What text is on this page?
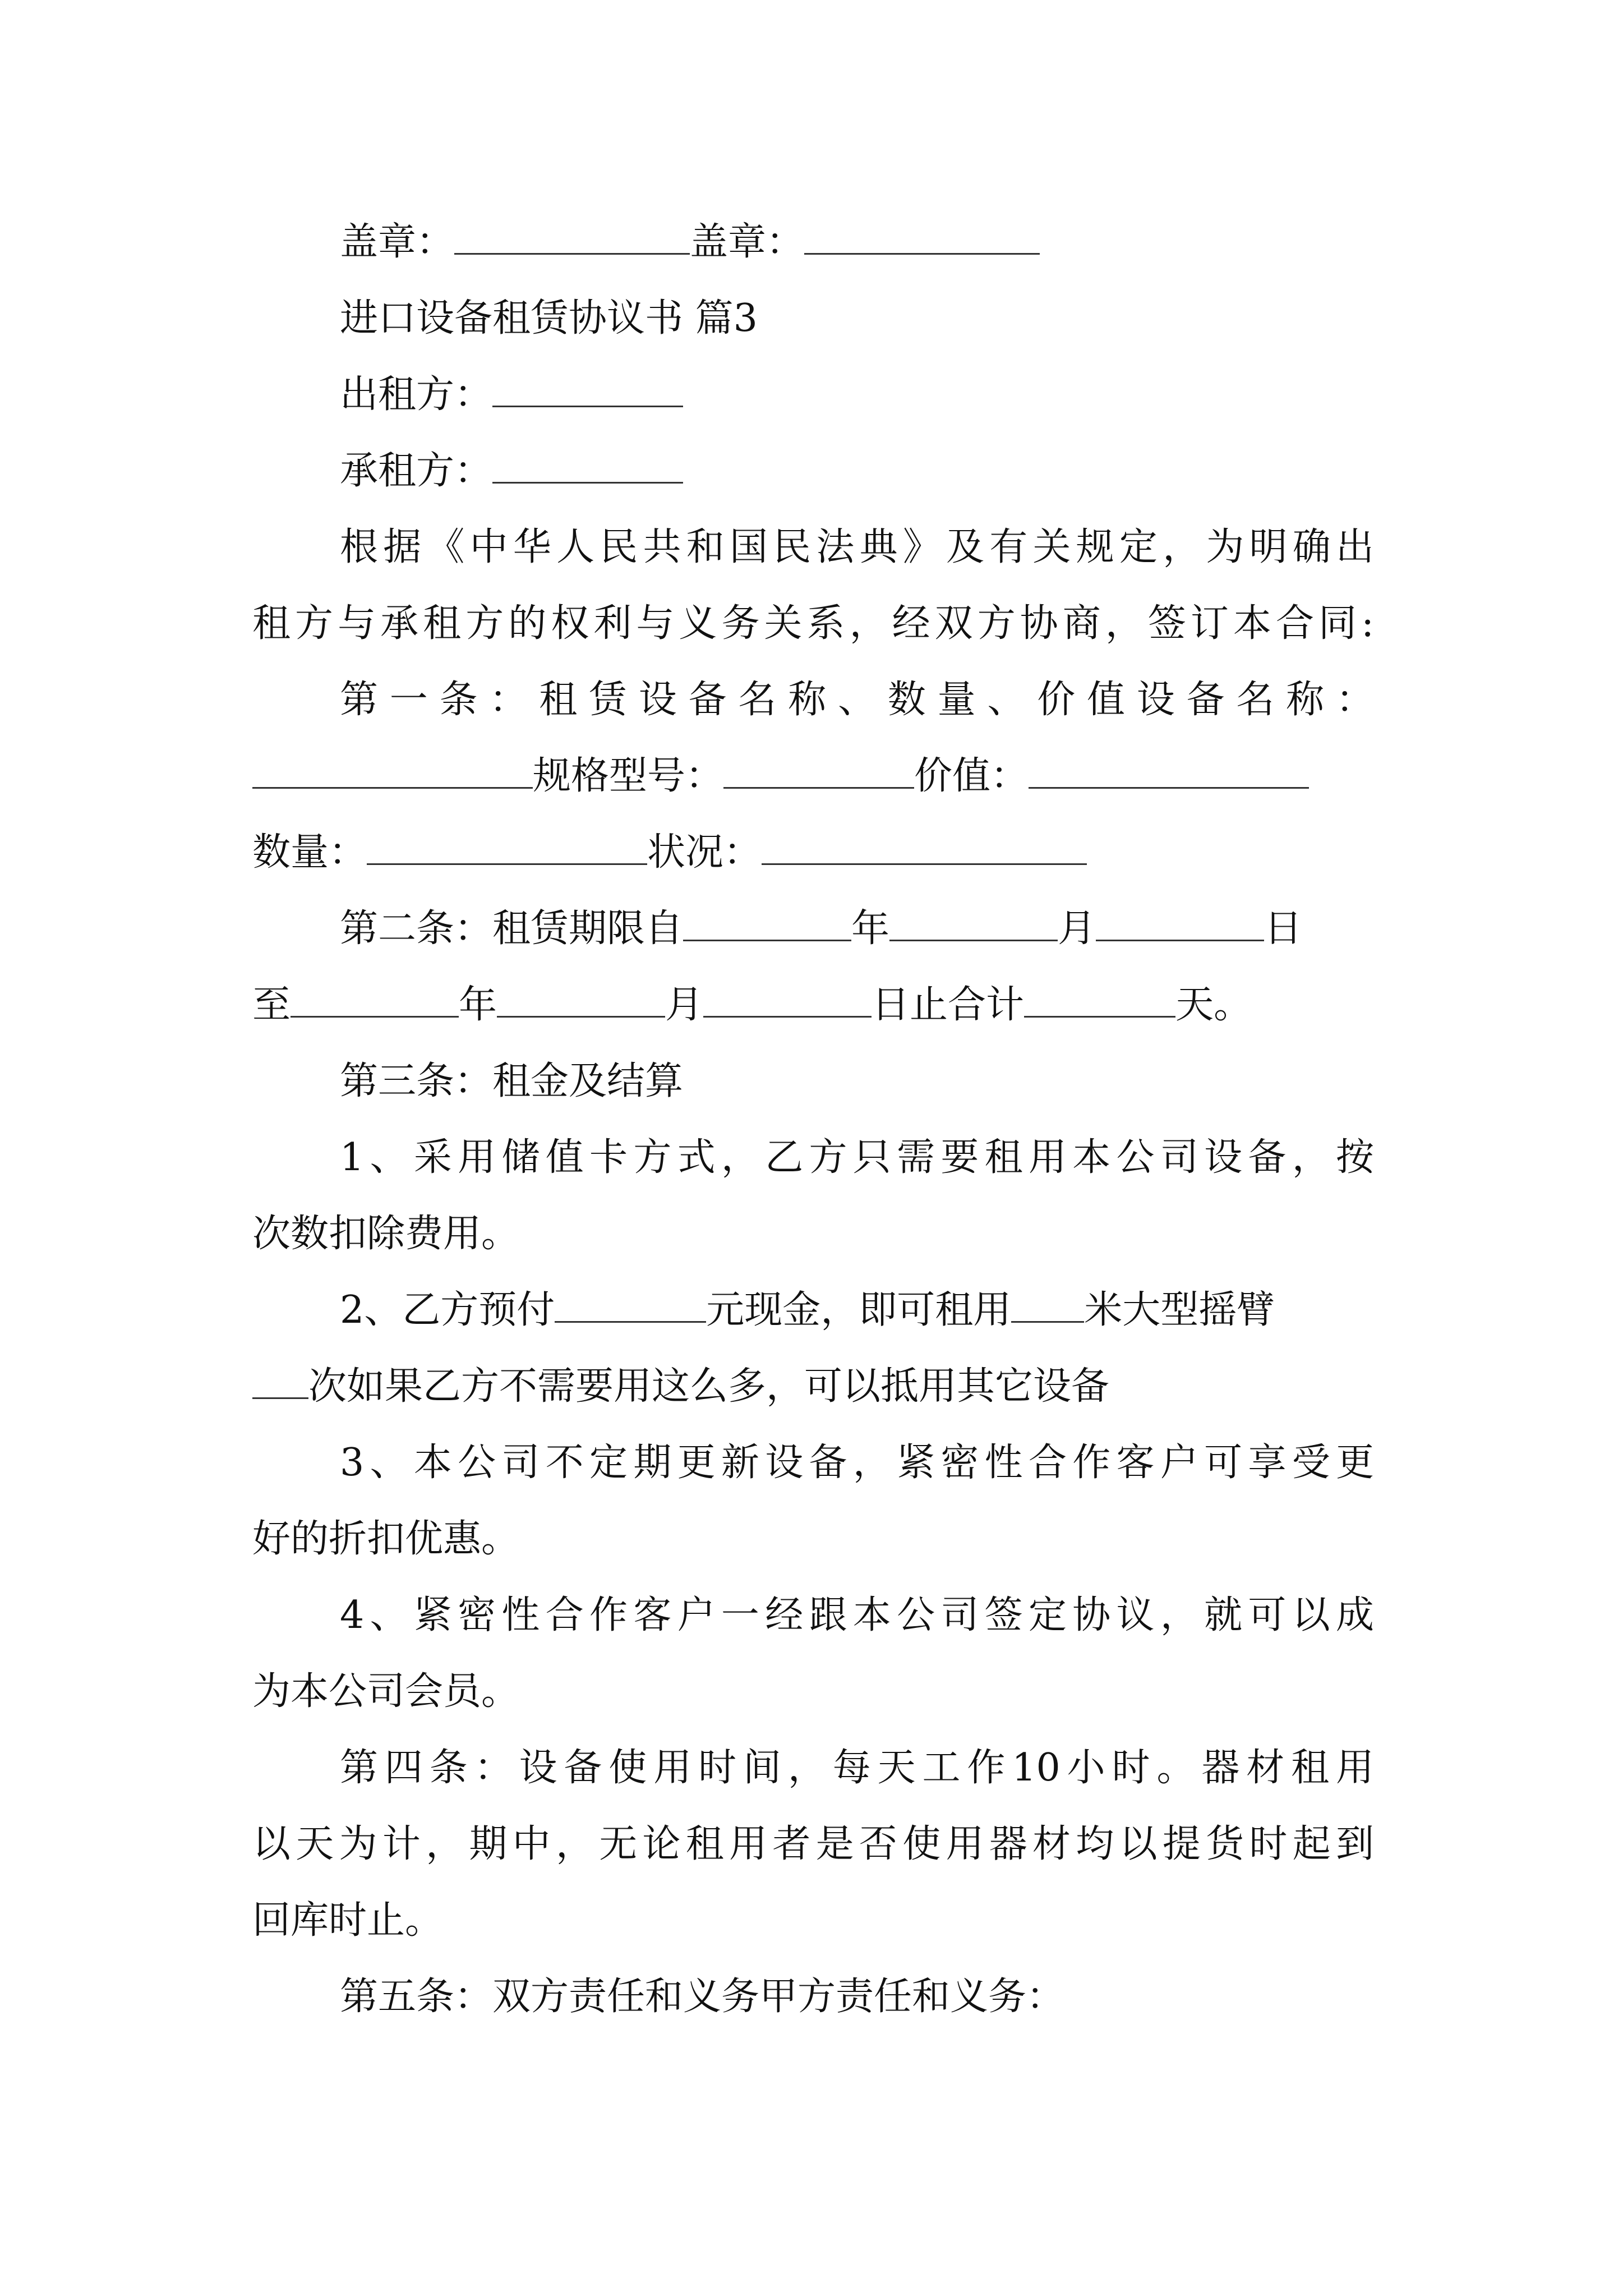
盖章：	盖章：
进口设备租赁协议书 篇3
出租方：
承租方：
根据《中华人民共和国民法典》及有关规定，为明确出
租方与承租方的权利与义务关系，经双方协商，签订本合同:
第一条：租赁设备名称、数量、价值设备名称：
规格型号：	价值：
数量：	状况：
第二条：租赁期限自	年	月	日
至	年	月	日止合计	天。
第三条：租金及结算
1、采用储值卡方式，乙方只需要租用本公司设备，按
次数扣除费用。
2、乙方预付	元现金，即可租用 米大型摇臂
次如果乙方不需要用这么多，可以抵用其它设备
3、本公司不定期更新设备，紧密性合作客户可享受更
好的折扣优惠。
4、紧密性合作客户一经跟本公司签定协议，就可以成
为本公司会员。
第四条：设备使用时间，每天工作10小时。器材租用
以天为计，期中，无论租用者是否使用器材均以提货时起到
回库时止。
第五条：双方责任和义务甲方责任和义务：
